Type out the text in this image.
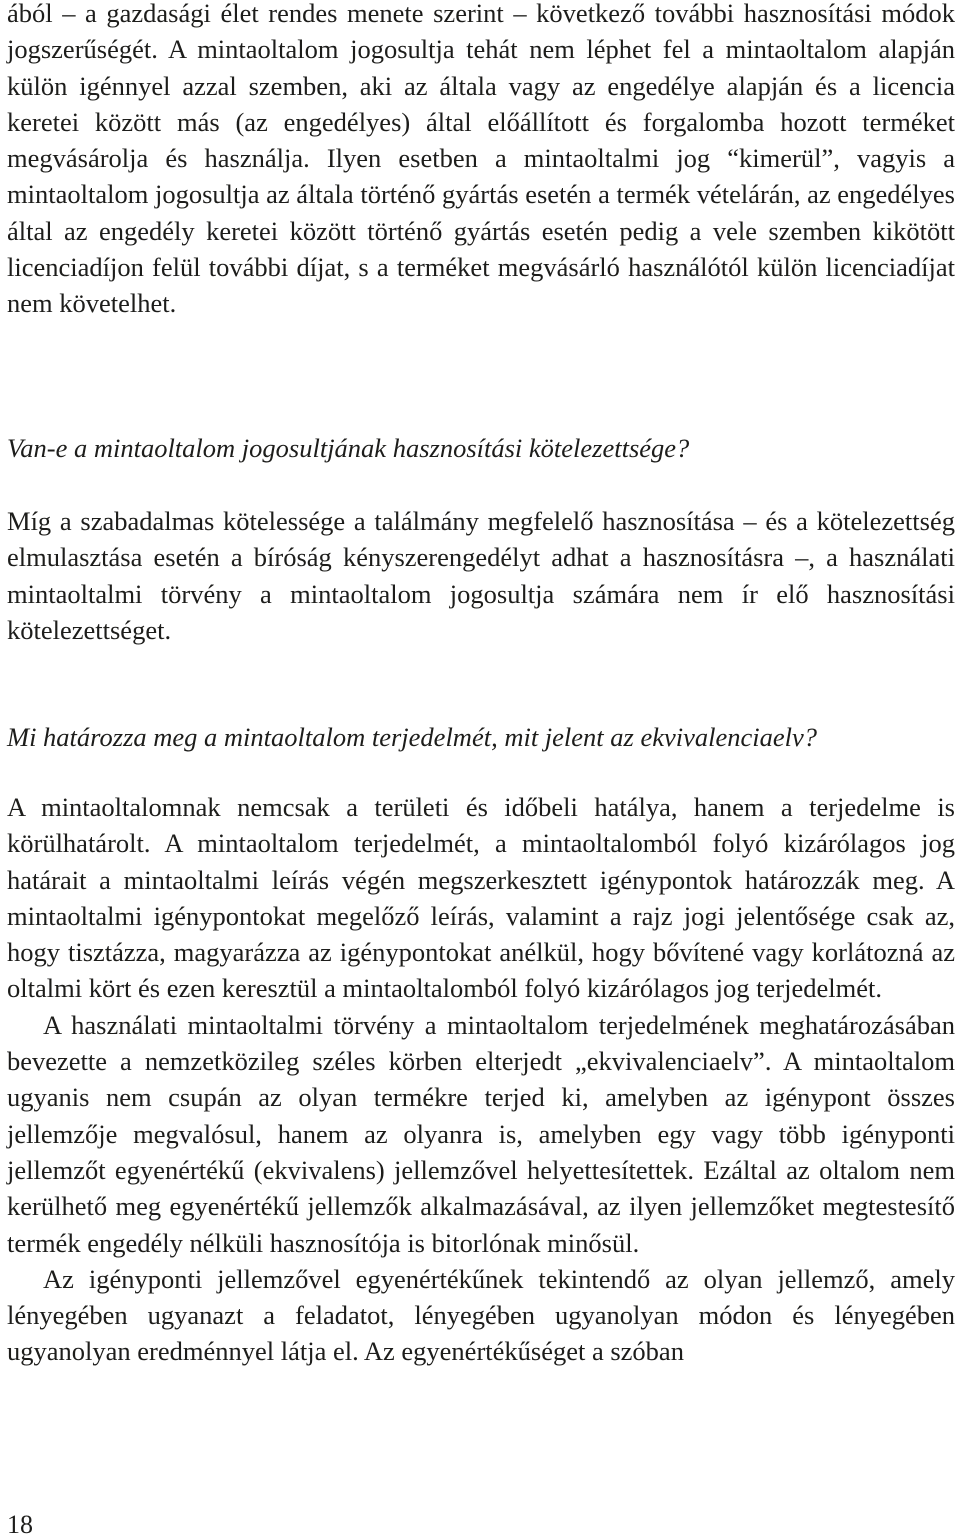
ából – a gazdasági élet rendes menete szerint – következő további hasznosítási módok jogszerűségét. A mintaoltalom jogosultja tehát nem léphet fel a mintaoltalom alapján külön igénnyel azzal szemben, aki az általa vagy az engedélye alapján és a licencia keretei között más (az engedélyes) által előállított és forgalomba hozott terméket megvásárolja és használja. Ilyen esetben a mintaoltalmi jog “kimerül”, vagyis a mintaoltalom jogosultja az általa történő gyártás esetén a termék vételárán, az engedélyes által az engedély keretei között történő gyártás esetén pedig a vele szemben kikötött licenciadíjon felül további díjat, s a terméket megvásárló használótól külön licenciadíjat nem követelhet.

Van-e a mintaoltalom jogosultjának hasznosítási kötelezettsége?

Míg a szabadalmas kötelessége a találmány megfelelő hasznosítása – és a kötelezettség elmulasztása esetén a bíróság kényszerengedélyt adhat a hasznosításra –, a használati mintaoltalmi törvény a mintaoltalom jogosultja számára nem ír elő hasznosítási kötelezettséget.

Mi határozza meg a mintaoltalom terjedelmét, mit jelent az ekvivalenciaelv?

A mintaoltalomnak nemcsak a területi és időbeli hatálya, hanem a terjedelme is körülhatárolt. A mintaoltalom terjedelmét, a mintaoltalomból folyó kizárólagos jog határait a mintaoltalmi leírás végén megszerkesztett igénypontok határozzák meg. A mintaoltalmi igénypontokat megelőző leírás, valamint a rajz jogi jelentősége csak az, hogy tisztázza, magyarázza az igénypontokat anélkül, hogy bővítené vagy korlátozná az oltalmi kört és ezen keresztül a mintaoltalomból folyó kizárólagos jog terjedelmét.

A használati mintaoltalmi törvény a mintaoltalom terjedelmének meghatározásában bevezette a nemzetközileg széles körben elterjedt „ekvivalenciaelv”. A mintaoltalom ugyanis nem csupán az olyan termékre terjed ki, amelyben az igénypont összes jellemzője megvalósul, hanem az olyanra is, amelyben egy vagy több igényponti jellemzőt egyenértékű (ekvivalens) jellemzővel helyettesítettek. Ezáltal az oltalom nem kerülhető meg egyenértékű jellemzők alkalmazásával, az ilyen jellemzőket megtestesítő termék engedély nélküli hasznosítója is bitorlónak minősül.

Az igényponti jellemzővel egyenértékűnek tekintendő az olyan jellemző, amely lényegében ugyanazt a feladatot, lényegében ugyanolyan módon és lényegében ugyanolyan eredménnyel látja el. Az egyenértékűséget a szóban

18
